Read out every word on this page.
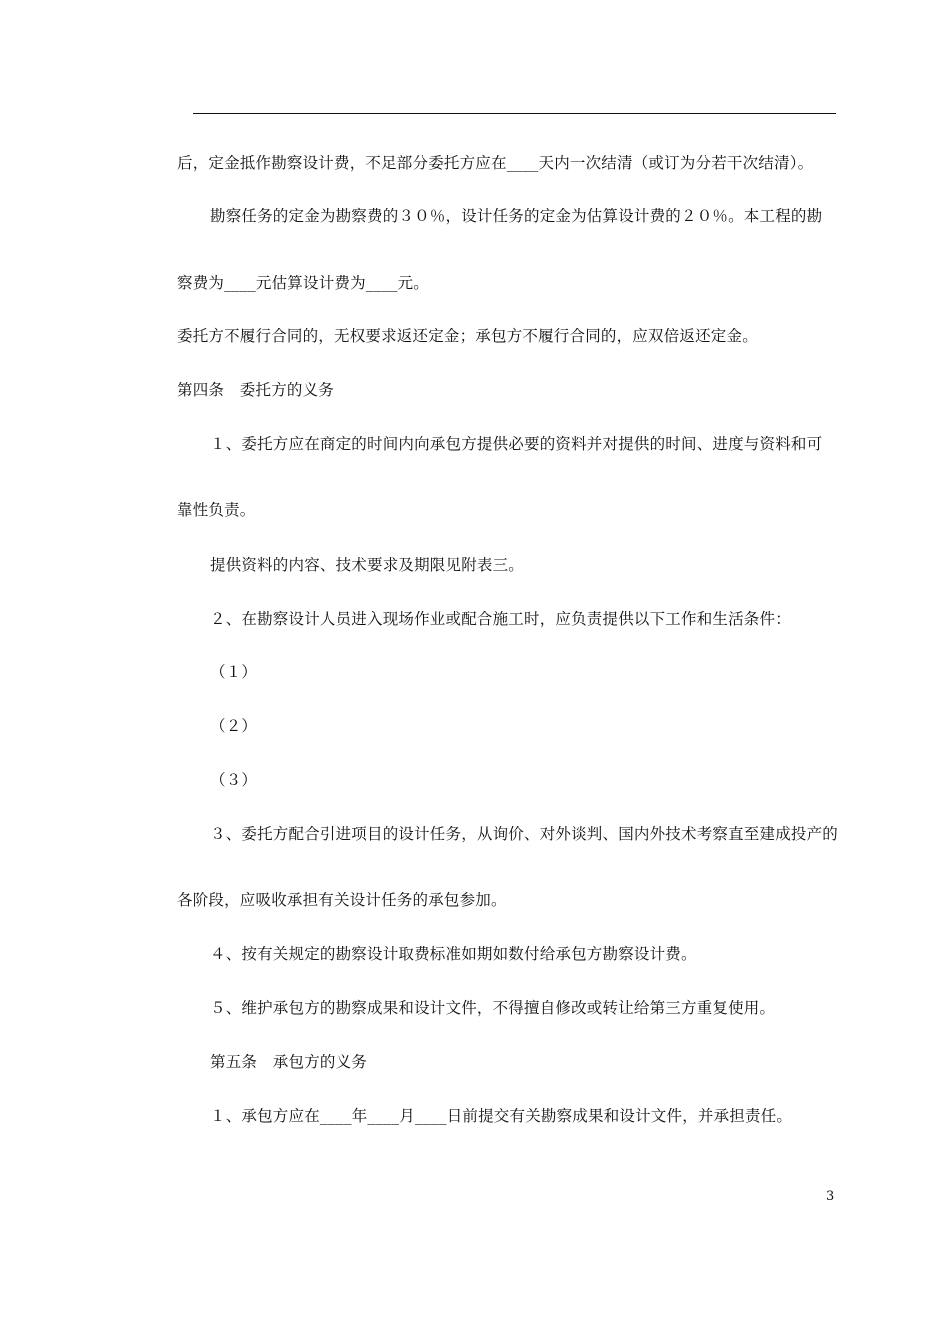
后，定金抵作勘察设计费，不足部分委托方应在____天内一次结清（或订为分若干次结清）。
勘察任务的定金为勘察费的３０％，设计任务的定金为估算设计费的２０％。本工程的勘
察费为____元估算设计费为____元。
委托方不履行合同的，无权要求返还定金；承包方不履行合同的，应双倍返还定金。
第四条　委托方的义务
１、委托方应在商定的时间内向承包方提供必要的资料并对提供的时间、进度与资料和可
靠性负责。
提供资料的内容、技术要求及期限见附表三。
２、在勘察设计人员进入现场作业或配合施工时，应负责提供以下工作和生活条件：
（１）
（２）
（３）
３、委托方配合引进项目的设计任务，从询价、对外谈判、国内外技术考察直至建成投产的
各阶段，应吸收承担有关设计任务的承包参加。
４、按有关规定的勘察设计取费标准如期如数付给承包方勘察设计费。
５、维护承包方的勘察成果和设计文件，不得擅自修改或转让给第三方重复使用。
第五条　承包方的义务
１、承包方应在____年____月____日前提交有关勘察成果和设计文件，并承担责任。
3
